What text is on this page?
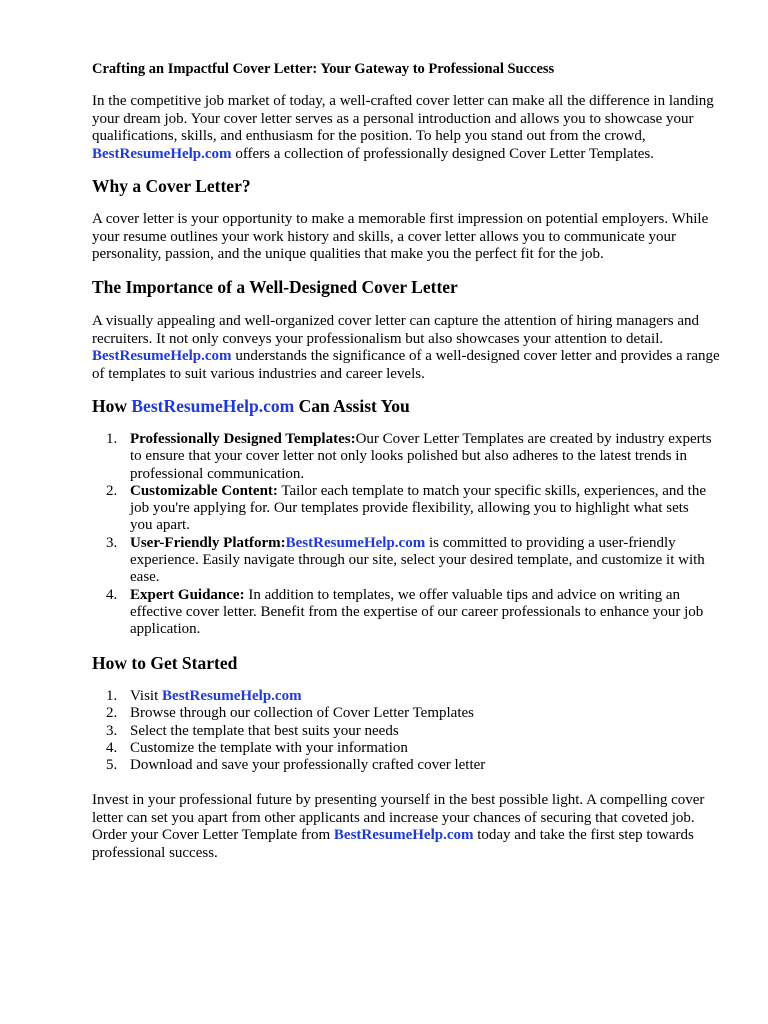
Crafting an Impactful Cover Letter: Your Gateway to Professional Success

In the competitive job market of today, a well-crafted cover letter can make all the difference in landing your dream job. Your cover letter serves as a personal introduction and allows you to showcase your qualifications, skills, and enthusiasm for the position. To help you stand out from the crowd, BestResumeHelp.com offers a collection of professionally designed Cover Letter Templates.

Why a Cover Letter?

A cover letter is your opportunity to make a memorable first impression on potential employers. While your resume outlines your work history and skills, a cover letter allows you to communicate your personality, passion, and the unique qualities that make you the perfect fit for the job.

The Importance of a Well-Designed Cover Letter

A visually appealing and well-organized cover letter can capture the attention of hiring managers and recruiters. It not only conveys your professionalism but also showcases your attention to detail. BestResumeHelp.com understands the significance of a well-designed cover letter and provides a range of templates to suit various industries and career levels.

How BestResumeHelp.com Can Assist You
1. Professionally Designed Templates:Our Cover Letter Templates are created by industry experts to ensure that your cover letter not only looks polished but also adheres to the latest trends in professional communication.
2. Customizable Content: Tailor each template to match your specific skills, experiences, and the job you're applying for. Our templates provide flexibility, allowing you to highlight what sets you apart.
3. User-Friendly Platform:BestResumeHelp.com is committed to providing a user-friendly experience. Easily navigate through our site, select your desired template, and customize it with ease.
4. Expert Guidance: In addition to templates, we offer valuable tips and advice on writing an effective cover letter. Benefit from the expertise of our career professionals to enhance your job application.
How to Get Started
1. Visit BestResumeHelp.com
2. Browse through our collection of Cover Letter Templates
3. Select the template that best suits your needs
4. Customize the template with your information
5. Download and save your professionally crafted cover letter

Invest in your professional future by presenting yourself in the best possible light. A compelling cover letter can set you apart from other applicants and increase your chances of securing that coveted job. Order your Cover Letter Template from BestResumeHelp.com today and take the first step towards professional success.
